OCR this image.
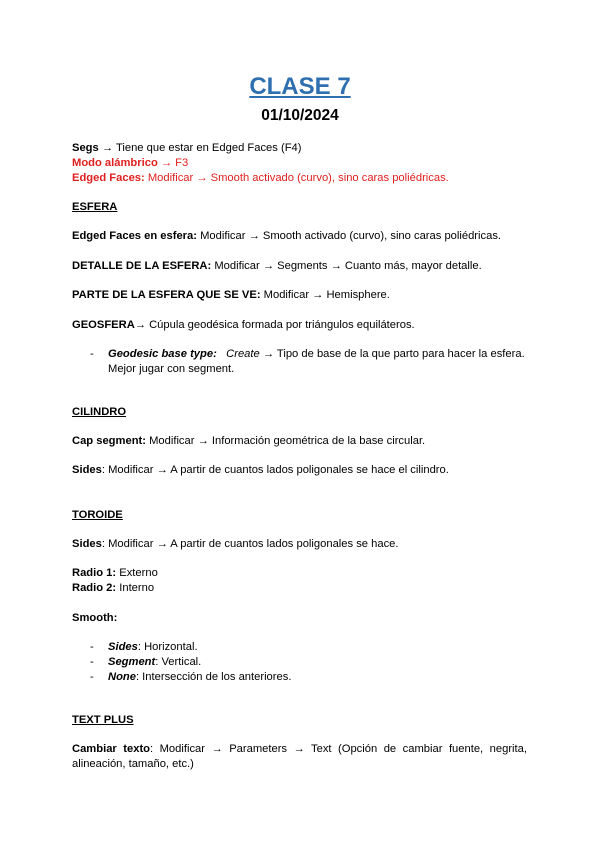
CLASE 7
01/10/2024
Segs → Tiene que estar en Edged Faces (F4)
Modo alámbrico → F3
Edged Faces: Modificar → Smooth activado (curvo), sino caras poliédricas.
ESFERA
Edged Faces en esfera: Modificar → Smooth activado (curvo), sino caras poliédricas.
DETALLE DE LA ESFERA: Modificar → Segments → Cuanto más, mayor detalle.
PARTE DE LA ESFERA QUE SE VE: Modificar → Hemisphere.
GEOSFERA→ Cúpula geodésica formada por triángulos equiláteros.
-	Geodesic base type: Create → Tipo de base de la que parto para hacer la esfera.
Mejor jugar con segment.
CILINDRO
Cap segment: Modificar → Información geométrica de la base circular.
Sides: Modificar → A partir de cuantos lados poligonales se hace el cilindro.
TOROIDE
Sides: Modificar → A partir de cuantos lados poligonales se hace.
Radio 1: Externo
Radio 2: Interno
Smooth:
-	Sides: Horizontal.
-	Segment: Vertical.
-	None: Intersección de los anteriores.
TEXT PLUS
Cambiar texto: Modificar → Parameters → Text (Opción de cambiar fuente, negrita, alineación, tamaño, etc.)
